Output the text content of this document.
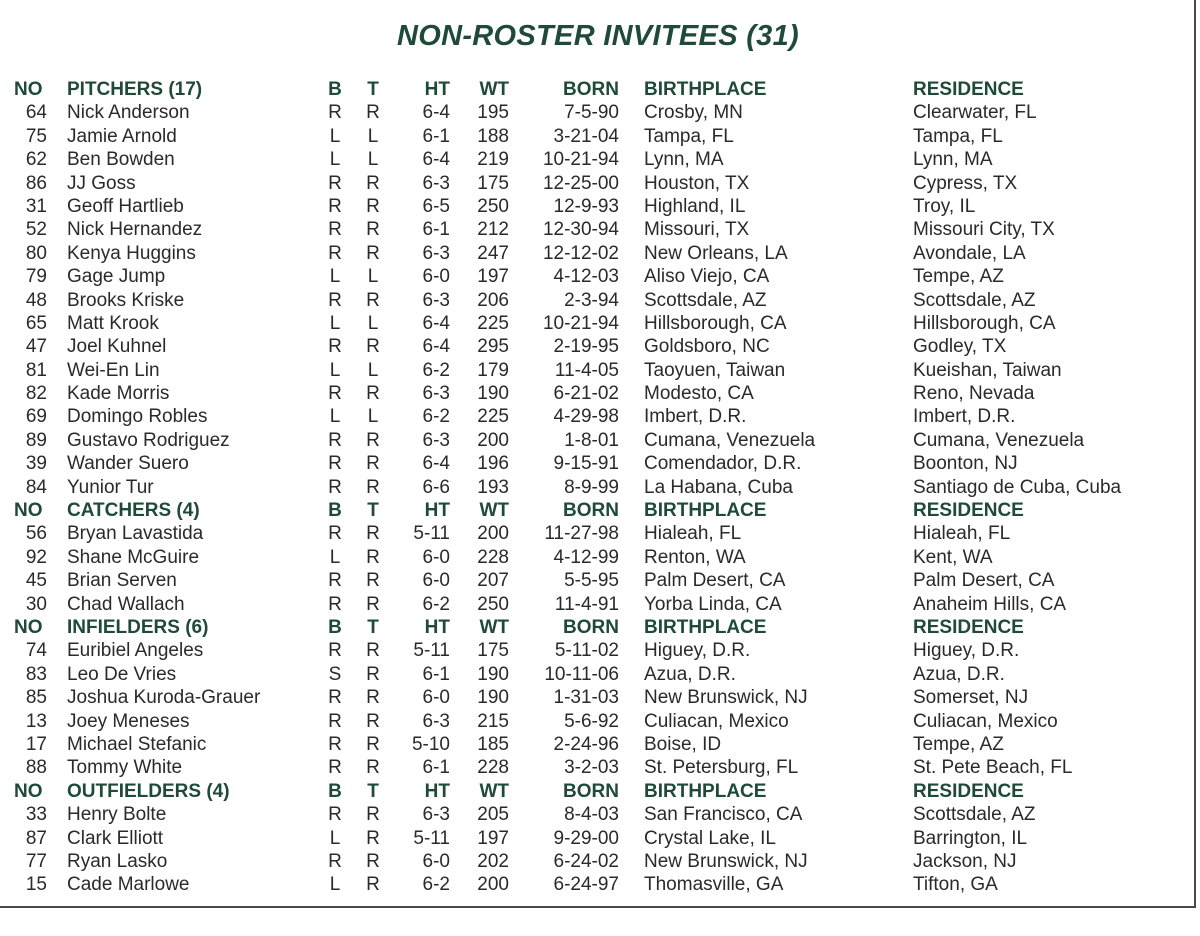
NON-ROSTER INVITEES (31)
NO	PITCHERS (17)	B T	HT	WT	BORN BIRTHPLACE	RESIDENCE
64 Nick Anderson	R R	6-4	195	7-5-90 Crosby, MN	Clearwater, FL
75 Jamie Arnold	L	L	6-1	188	3-21-04 Tampa, FL	Tampa, FL
62 Ben Bowden	L	L	6-4	219	10-21-94 Lynn, MA	Lynn, MA
86 JJ Goss	R R	6-3	175	12-25-00 Houston, TX	Cypress, TX
31 Geoff Hartlieb	R R	6-5	250	12-9-93 Highland, IL	Troy, IL
52 Nick Hernandez	R R	6-1	212	12-30-94 Missouri, TX	Missouri City, TX
80 Kenya Huggins	R R	6-3	247	12-12-02 New Orleans, LA	Avondale, LA
79 Gage Jump	L	L	6-0	197	4-12-03 Aliso Viejo, CA	Tempe, AZ
48 Brooks Kriske	R R	6-3	206	2-3-94 Scottsdale, AZ	Scottsdale, AZ
65 Matt Krook	L	L	6-4	225	10-21-94 Hillsborough, CA	Hillsborough, CA
47 Joel Kuhnel	R R	6-4	295	2-19-95 Goldsboro, NC	Godley, TX
81 Wei-En Lin	L	L	6-2	179	11-4-05 Taoyuen, Taiwan	Kueishan, Taiwan
82 Kade Morris	R R	6-3	190	6-21-02 Modesto, CA	Reno, Nevada
69 Domingo Robles	L	L	6-2	225	4-29-98 Imbert, D.R.	Imbert, D.R.
89 Gustavo Rodriguez	R R	6-3	200	1-8-01 Cumana, Venezuela	Cumana, Venezuela
39 Wander Suero	R R	6-4	196	9-15-91 Comendador, D.R.	Boonton, NJ
84 Yunior Tur	R R	6-6	193	8-9-99 La Habana, Cuba	Santiago de Cuba, Cuba
NO	CATCHERS (4)	B T	HT	WT	BORN BIRTHPLACE	RESIDENCE
56 Bryan Lavastida	R R	5-11	200	11-27-98 Hialeah, FL	Hialeah, FL
92 Shane McGuire	L	R	6-0	228	4-12-99 Renton, WA	Kent, WA
45 Brian Serven	R R	6-0	207	5-5-95 Palm Desert, CA	Palm Desert, CA
30 Chad Wallach	R R	6-2	250	11-4-91 Yorba Linda, CA	Anaheim Hills, CA
NO	INFIELDERS (6)	B T	HT	WT	BORN BIRTHPLACE	RESIDENCE
74 Euribiel Angeles	R R	5-11	175	5-11-02 Higuey, D.R.	Higuey, D.R.
83 Leo De Vries	S R	6-1	190	10-11-06 Azua, D.R.	Azua, D.R.
85 Joshua Kuroda-Grauer	R R	6-0	190	1-31-03 New Brunswick, NJ	Somerset, NJ
13 Joey Meneses	R R	6-3	215	5-6-92 Culiacan, Mexico	Culiacan, Mexico
17 Michael Stefanic	R R	5-10	185	2-24-96 Boise, ID	Tempe, AZ
88 Tommy White	R R	6-1	228	3-2-03 St. Petersburg, FL	St. Pete Beach, FL
NO	OUTFIELDERS (4)	B T	HT	WT	BORN BIRTHPLACE	RESIDENCE
33 Henry Bolte	R R	6-3	205	8-4-03 San Francisco, CA	Scottsdale, AZ
87 Clark Elliott	L	R	5-11	197	9-29-00 Crystal Lake, IL	Barrington, IL
77 Ryan Lasko	R R	6-0	202	6-24-02 New Brunswick, NJ	Jackson, NJ
15 Cade Marlowe	L	R	6-2	200	6-24-97 Thomasville, GA	Tifton, GA
